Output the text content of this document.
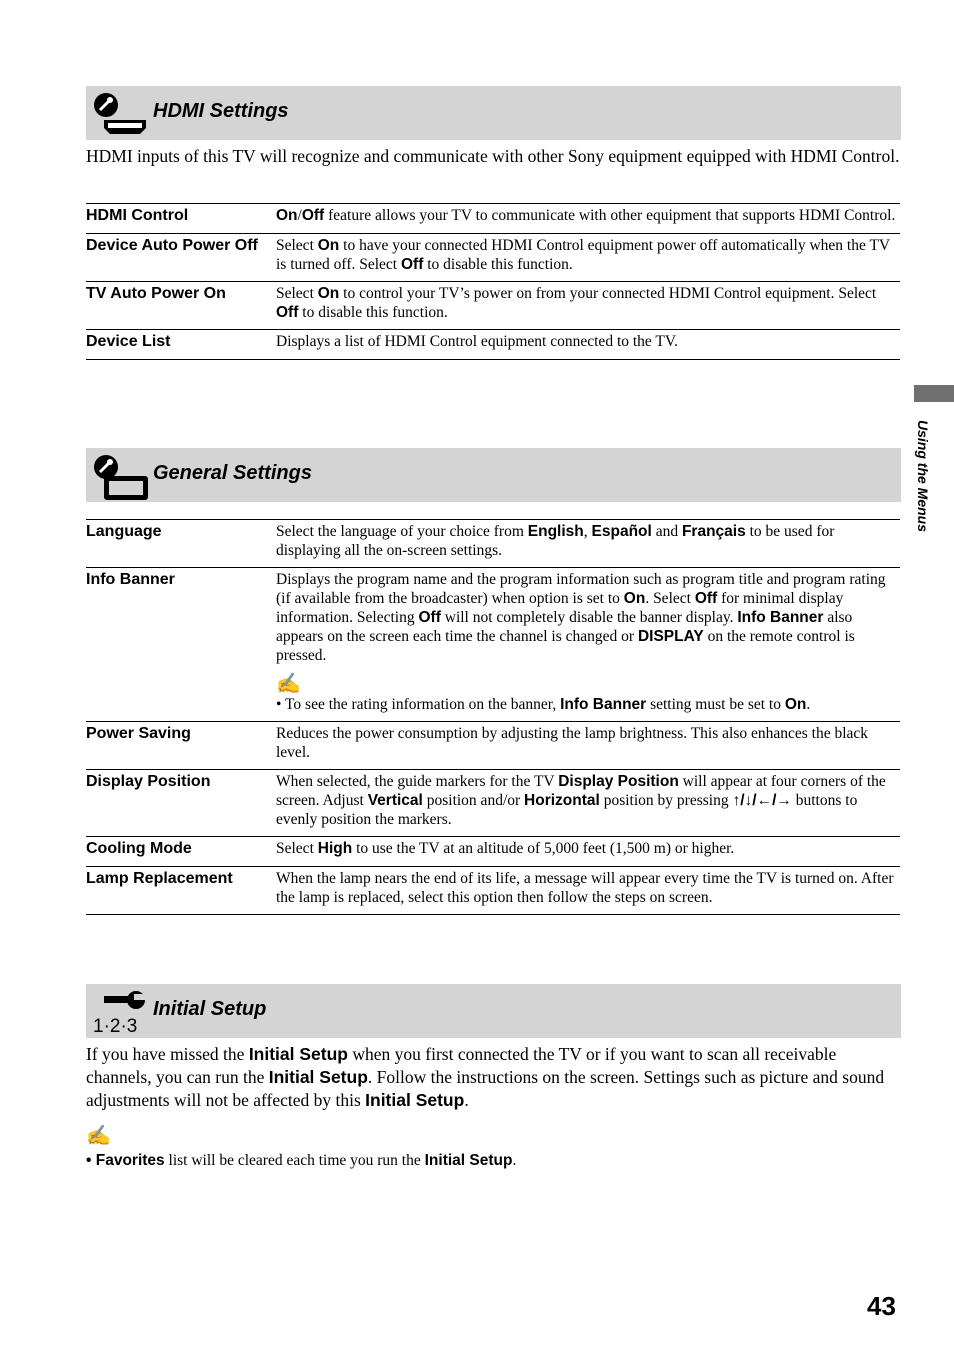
HDMI Settings
HDMI inputs of this TV will recognize and communicate with other Sony equipment equipped with HDMI Control.
HDMI Control	On/Off feature allows your TV to communicate with other equipment that supports HDMI Control.
Device Auto Power Off	Select On to have your connected HDMI Control equipment power off automatically when the TV is turned off. Select Off to disable this function.
TV Auto Power On	Select On to control your TV’s power on from your connected HDMI Control equipment. Select Off to disable this function.
Device List	Displays a list of HDMI Control equipment connected to the TV.
General Settings
Language	Select the language of your choice from English, Español and Français to be used for displaying all the on-screen settings.
Info Banner	Displays the program name and the program information such as program title and program rating (if available from the broadcaster) when option is set to On. Select Off for minimal display information. Selecting Off will not completely disable the banner display. Info Banner also appears on the screen each time the channel is changed or DISPLAY on the remote control is pressed.
✍
• To see the rating information on the banner, Info Banner setting must be set to On.

Power Saving	Reduces the power consumption by adjusting the lamp brightness. This also enhances the black level.
Display Position	When selected, the guide markers for the TV Display Position will appear at four corners of the screen. Adjust Vertical position and/or Horizontal position by pressing ↑/↓/←/→ buttons to evenly position the markers.
Cooling Mode	Select High to use the TV at an altitude of 5,000 feet (1,500 m) or higher.
Lamp Replacement	When the lamp nears the end of its life, a message will appear every time the TV is turned on. After the lamp is replaced, select this option then follow the steps on screen.
1·2·3
Initial Setup
If you have missed the Initial Setup when you first connected the TV or if you want to scan all receivable channels, you can run the Initial Setup. Follow the instructions on the screen. Settings such as picture and sound adjustments will not be affected by this Initial Setup.
✍
• Favorites list will be cleared each time you run the Initial Setup.
Using the Menus
43
